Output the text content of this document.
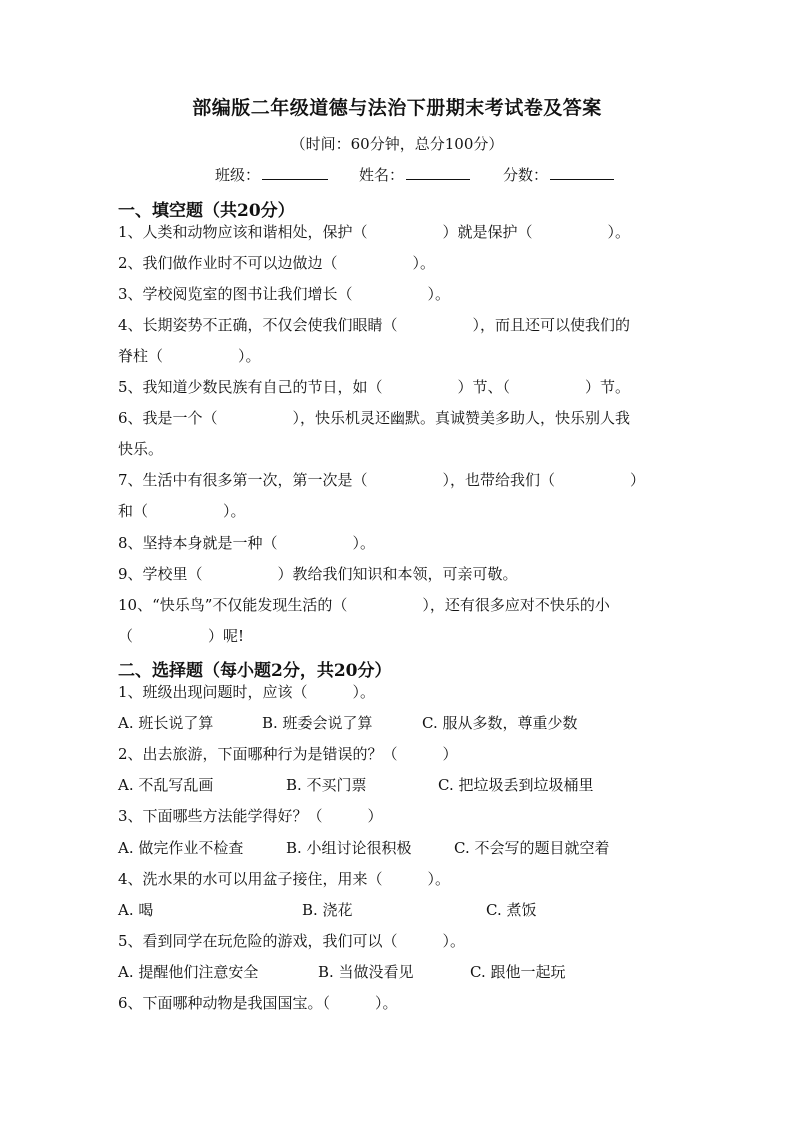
部编版二年级道德与法治下册期末考试卷及答案
（时间：60分钟，总分100分）
班级：	姓名：	分数：
一、填空题（共20分）
1、人类和动物应该和谐相处，保护（　　　　　）就是保护（　　　　　）。
2、我们做作业时不可以边做边（　　　　　）。
3、学校阅览室的图书让我们增长（　　　　　）。
4、长期姿势不正确，不仅会使我们眼睛（　　　　　），而且还可以使我们的
脊柱（　　　　　）。
5、我知道少数民族有自己的节日，如（　　　　　）节、（　　　　　）节。
6、我是一个（　　　　　），快乐机灵还幽默。真诚赞美多助人，快乐别人我
快乐。
7、生活中有很多第一次，第一次是（　　　　　），也带给我们（　　　　　）
和（　　　　　）。
8、坚持本身就是一种（　　　　　）。
9、学校里（　　　　　）教给我们知识和本领，可亲可敬。
10、“快乐鸟”不仅能发现生活的（　　　　　），还有很多应对不快乐的小
（　　　　　）呢!
二、选择题（每小题2分，共20分）
1、班级出现问题时，应该（　　　）。
A. 班长说了算	B. 班委会说了算	C. 服从多数，尊重少数
2、出去旅游，下面哪种行为是错误的？（　　　）
A. 不乱写乱画	B. 不买门票	C. 把垃圾丢到垃圾桶里
3、下面哪些方法能学得好？（　　　）
A. 做完作业不检查	B. 小组讨论很积极	C. 不会写的题目就空着
4、洗水果的水可以用盆子接住，用来（　　　）。
A. 喝	B. 浇花	C. 煮饭
5、看到同学在玩危险的游戏，我们可以（　　　）。
A. 提醒他们注意安全	B. 当做没看见	C. 跟他一起玩
6、下面哪种动物是我国国宝。（　　　）。
